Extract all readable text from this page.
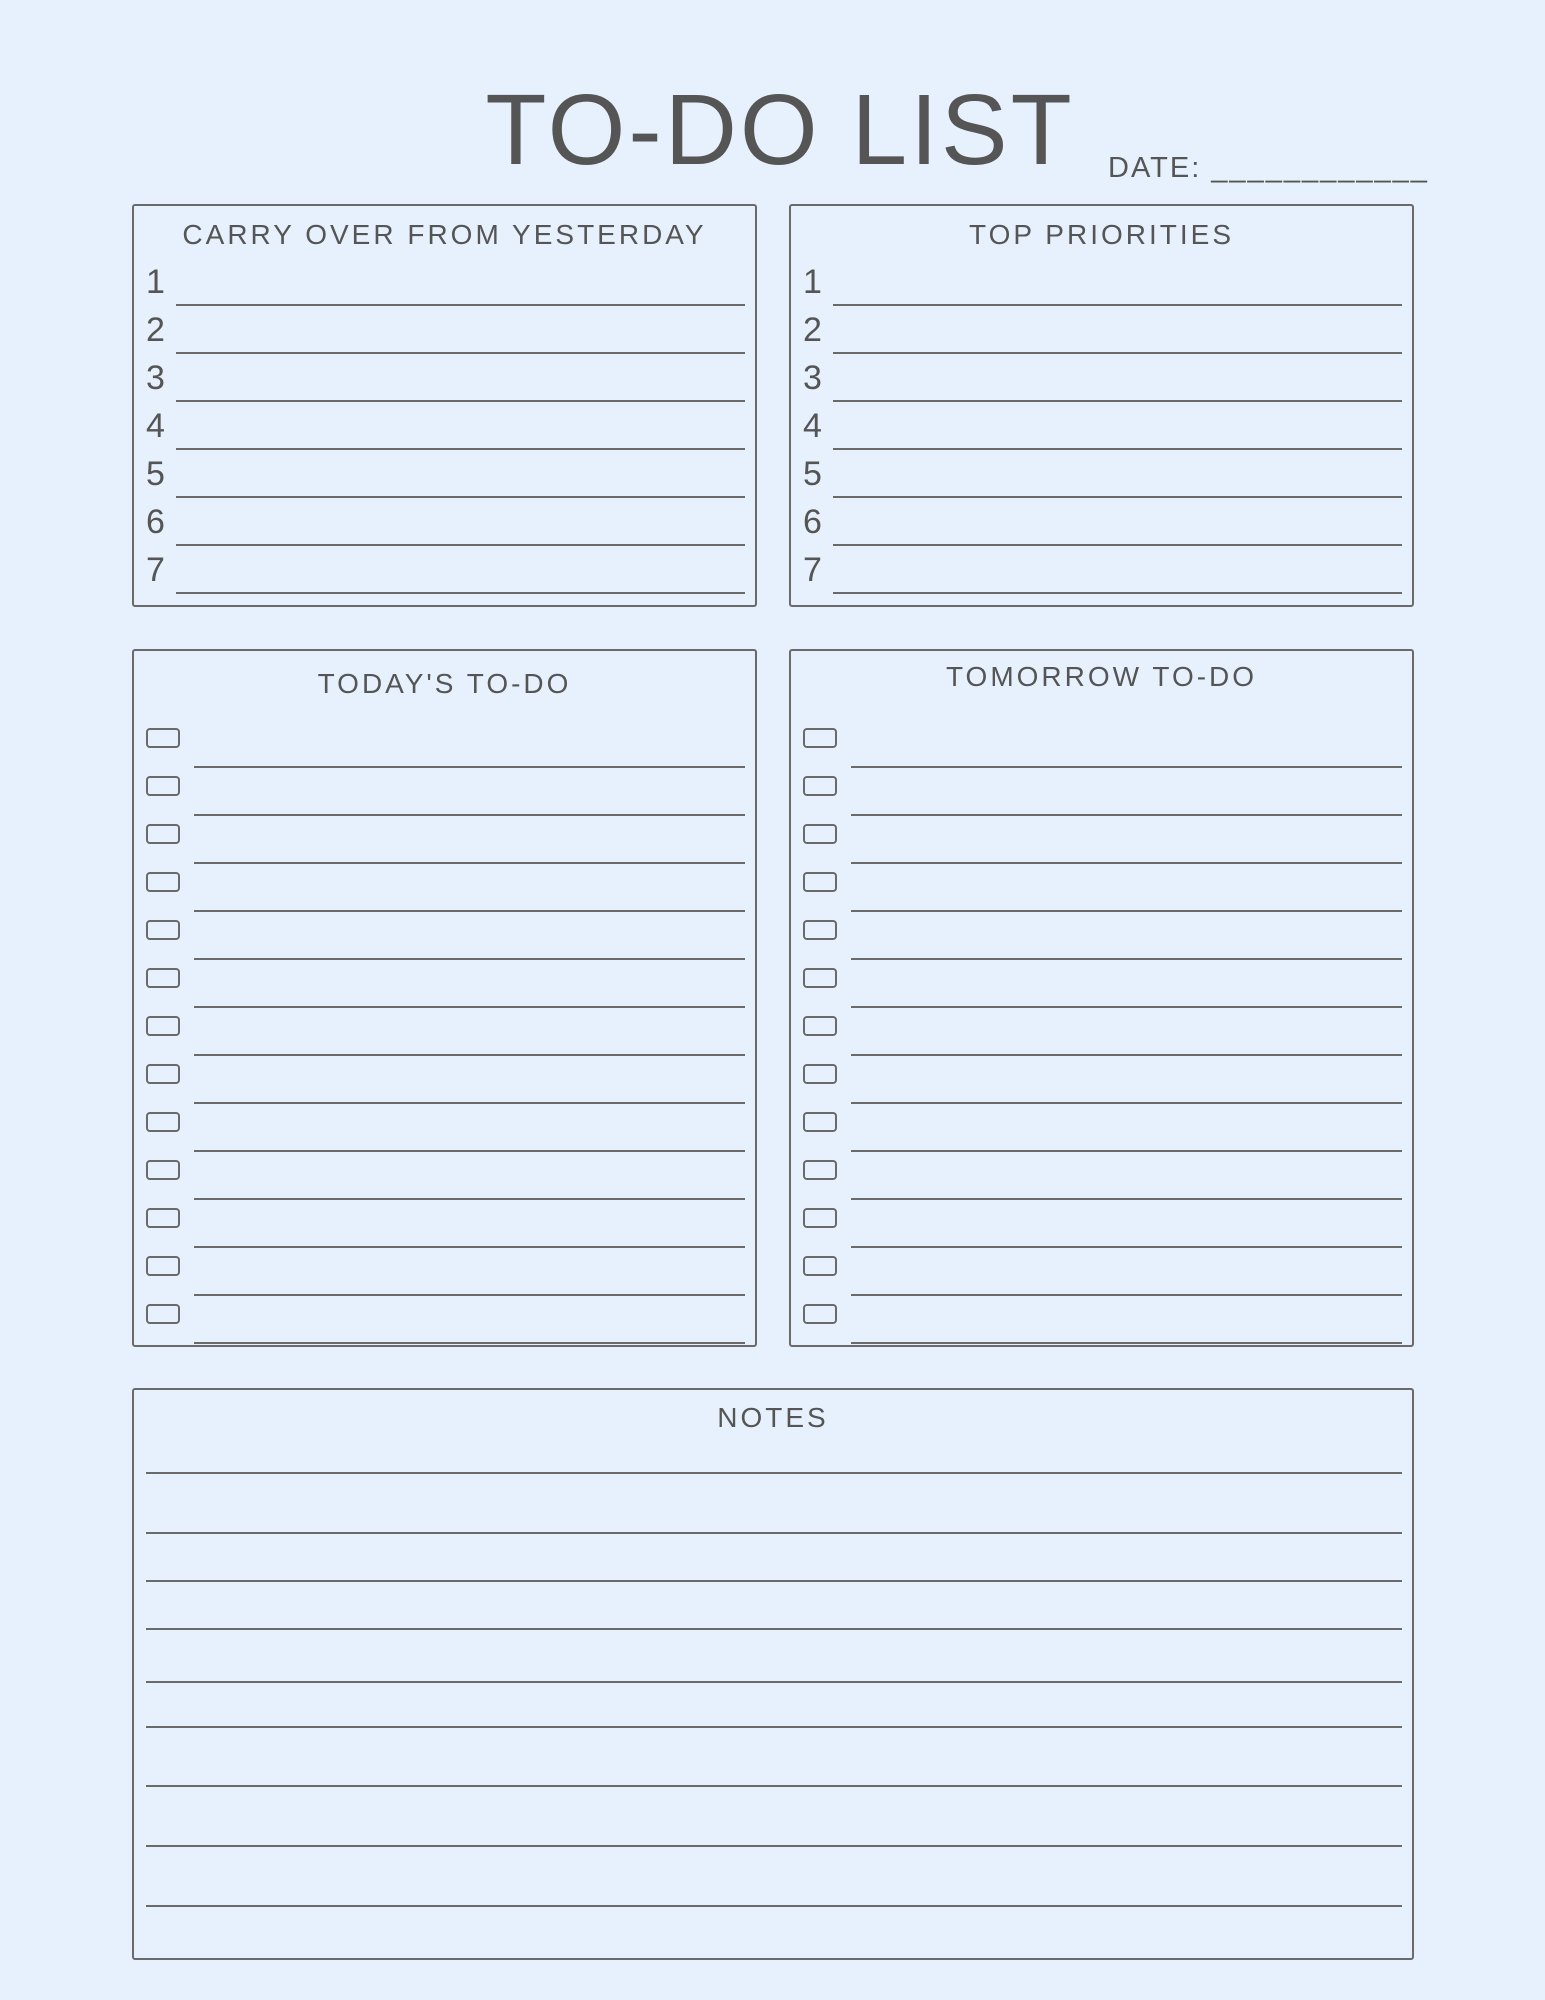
TO-DO LIST DATE: ____________
CARRY OVER FROM YESTERDAY
1
2
3
4
5
6
7
TOP PRIORITIES
1
2
3
4
5
6
7
TODAY'S TO-DO	TOMORROW TO-DO
NOTES
